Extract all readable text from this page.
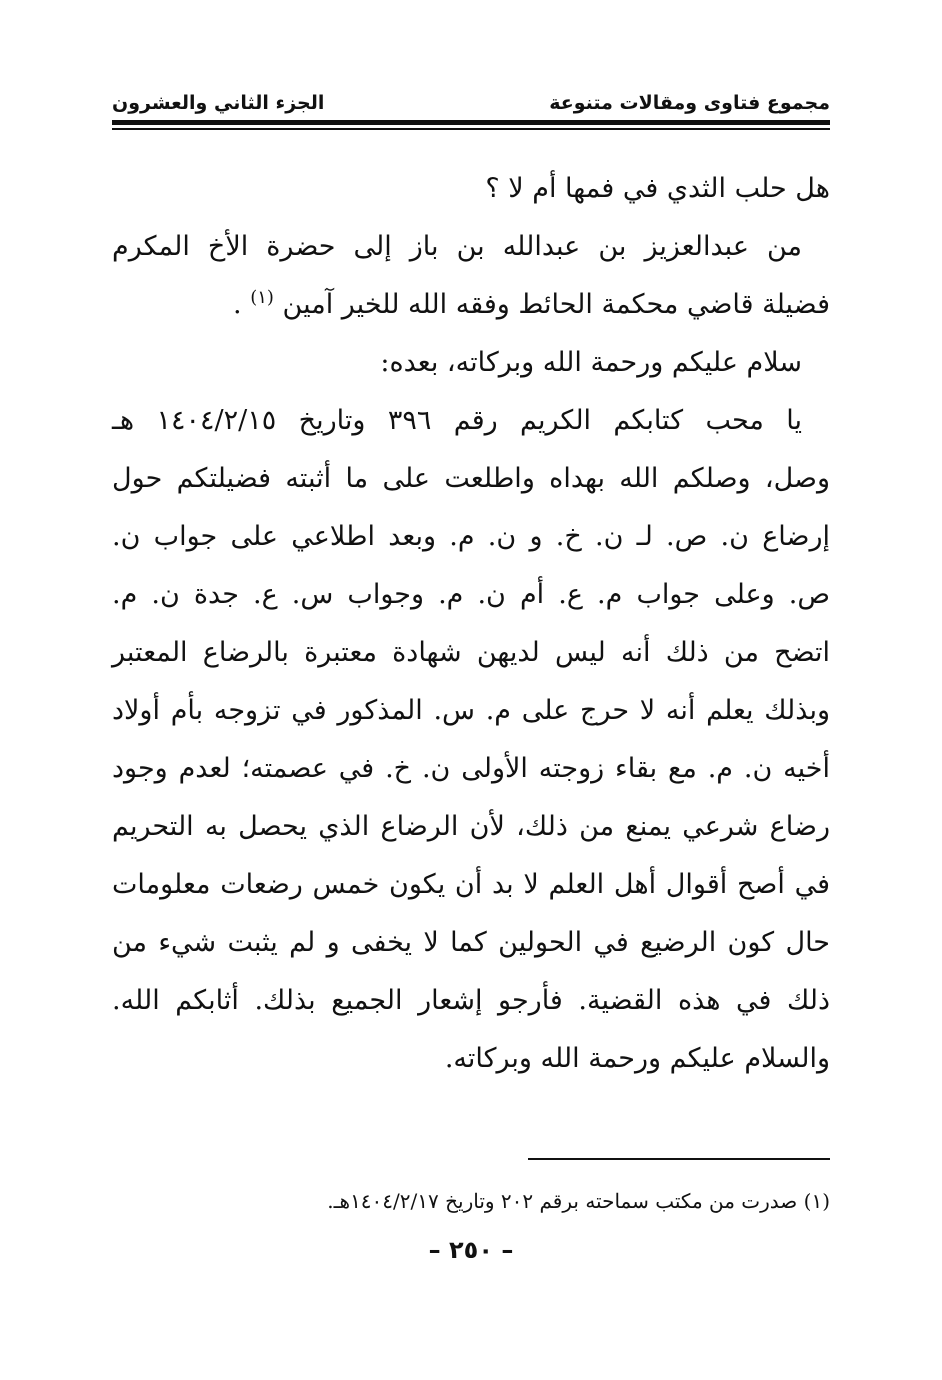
مجموع فتاوى ومقالات متنوعة
الجزء الثاني والعشرون

هل حلب الثدي في فمها أم لا ؟

من عبدالعزيز بن عبدالله بن باز إلى حضرة الأخ المكرم

فضيلة قاضي محكمة الحائط وفقه الله للخير آمين $^{(١)}$ .

سلام عليكم ورحمة الله وبركاته، بعده:

يا محب كتابكم الكريم رقم ٣٩٦ وتاريخ ١٤٠٤/٢/١٥ هـ

وصل، وصلكم الله بهداه واطلعت على ما أثبته فضيلتكم حول

إرضاع ن. ص. لـ ن. خ. و ن. م. وبعد اطلاعي على جواب ن.

ص. وعلى جواب م. ع. أم ن. م. وجواب س. ع. جدة ن. م.

اتضح من ذلك أنه ليس لديهن شهادة معتبرة بالرضاع المعتبر

وبذلك يعلم أنه لا حرج على م. س. المذكور في تزوجه بأم أولاد

أخيه ن. م. مع بقاء زوجته الأولى ن. خ. في عصمته؛ لعدم وجود

رضاع شرعي يمنع من ذلك، لأن الرضاع الذي يحصل به التحريم

في أصح أقوال أهل العلم لا بد أن يكون خمس رضعات معلومات

حال كون الرضيع في الحولين كما لا يخفى و لم يثبت شيء من

ذلك في هذه القضية. فأرجو إشعار الجميع بذلك. أثابكم الله.

والسلام عليكم ورحمة الله وبركاته.

(١) صدرت من مكتب سماحته برقم ٢٠٢ وتاريخ ١٤٠٤/٢/١٧هـ.
– ٢٥٠ –
